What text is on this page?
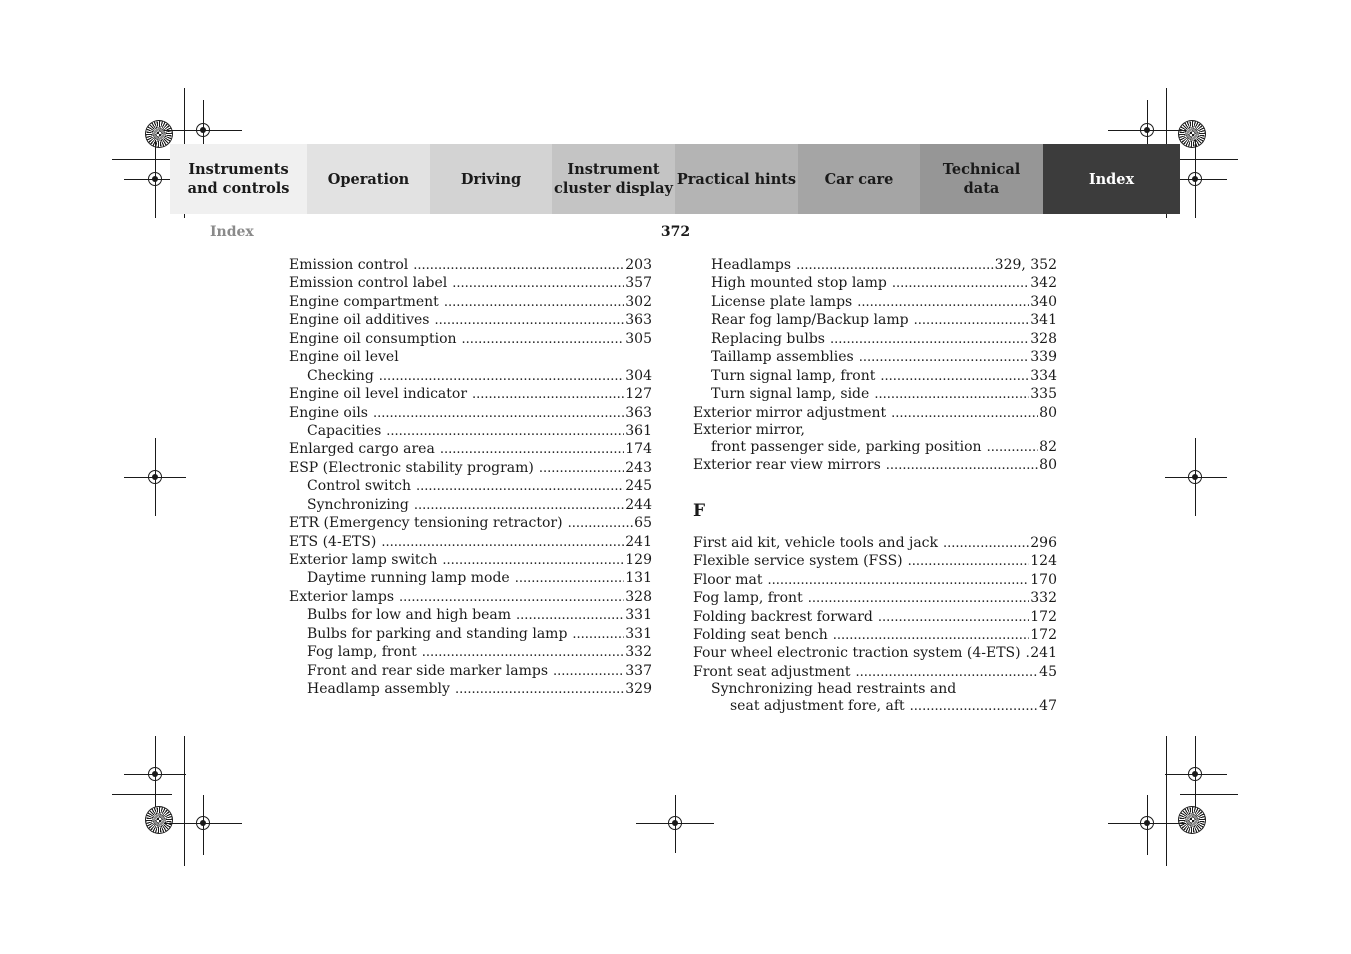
Instruments
and controls
Operation	Driving
Instrument
cluster display
Practical hints	Car care
Technical
data
Index
Index	372
Emission control .....	203
Emission control label .....	357
Engine compartment .....	302
Engine oil additives .....	363
Engine oil consumption .....	305
Engine oil level
Checking .....	304
Engine oil level indicator .....	127
Engine oils .....	363
Capacities .....	361
Enlarged cargo area .....	174
ESP (Electronic stability program) .....	243
Control switch .....	245
Synchronizing .....	244
ETR (Emergency tensioning retractor) .....	65
ETS (4-ETS) .....	241
Exterior lamp switch .....	129
Daytime running lamp mode .....	131
Exterior lamps .....	328
Bulbs for low and high beam .....	331
Bulbs for parking and standing lamp .....	331
Fog lamp, front .....	332
Front and rear side marker lamps .....	337
Headlamp assembly .....	329
Headlamps .....	329, 352
High mounted stop lamp .....	342
License plate lamps .....	340
Rear fog lamp/Backup lamp .....	341
Replacing bulbs .....	328
Taillamp assemblies .....	339
Turn signal lamp, front .....	334
Turn signal lamp, side .....	335
Exterior mirror adjustment .....	80
Exterior mirror,
front passenger side, parking position .....	82
Exterior rear view mirrors .....	80
F
First aid kit, vehicle tools and jack .....	296
Flexible service system (FSS) .....	124
Floor mat .....	170
Fog lamp, front .....	332
Folding backrest forward .....	172
Folding seat bench .....	172
Four wheel electronic traction system (4-ETS) ..... 241
Front seat adjustment .....	45
Synchronizing head restraints and
seat adjustment fore, aft .....	47
